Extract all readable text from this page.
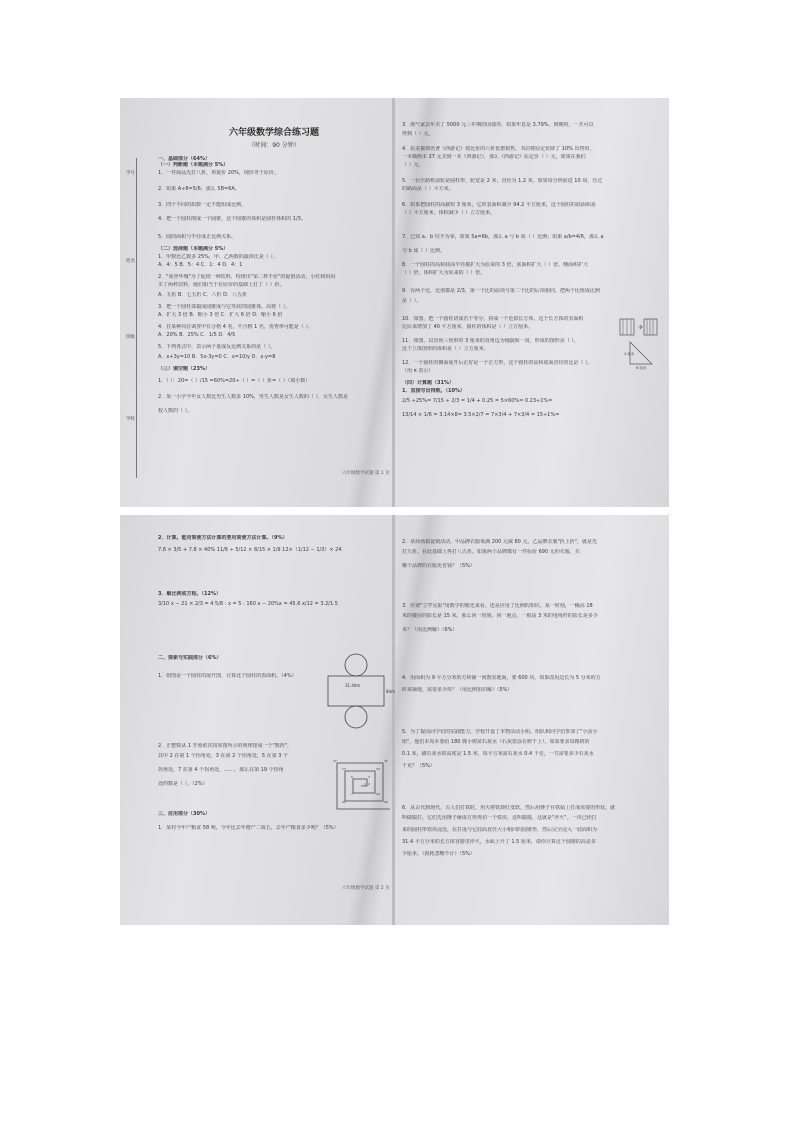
学号
姓名
班级
学校
六年级数学综合练习题
（时间：90 分钟）
一、基础部分（64%）
（一）判断题（本题满分 5%）
1．一件商品先打八折，再提价 20%，现价等于原价。
2．如果 A÷8=5/6，那么 5B=6A。
3．四个不同的质数一定不能组成比例。
4．把一个圆柱削成一个圆锥，这个圆锥的体积是圆柱体积的 1/3。
5．圆的面积与半径成正比例关系。
（二）选择题（本题满分 5%）
1．甲数比乙数多 25%，甲、乙两数的最简比是（ ）。
A．4：5 B．5：4 C．1：4 D．4：1
2．"重誉华城"为了促销一种饮料，特推出"第二杯半价"的促销活动，小红和妈妈
买了两杯饮料，她们相当于在原价的基础上打了（ ）折。
A．五折 B．七五折 C．八折 D．八五折
3．把一个圆柱体锻成圆锥成与它等底的圆锥体，高将（ ）。
A．扩大 3 倍 B．缩小 3 倍 C．扩大 6 倍 D．缩小 6 倍
4．在某种岗位调查中有合格 4 名，不合格 1 名，优秀率可能是（ ）。
A．20% B．25% C．1/5 D．4/5
5．下列各式中，表示两个量成反比例关系的是（ ）。
A．x+3y=10 B．5x-3y=0 C．x=10/y D．x-y=8
（三）填空题（23%）
1．（ ）：20=（ ）/15 =60%=20÷（ ）=（ ）折=（ ）（填小数）
2．某一小学今年女人数比男生人数多 10%，男生人数是女生人数的（ ），女生人数是
校人数的（ ）。
4 厘米
6 厘米
3．淘气家去年买了 5000 元三年期的国债券，如果年息是 3.79%，到期时，一共可以
得到（ ）元。
4．抗美援朝名著《西游记》按比价的六折优惠销售，书店将原定价降了 10% 出售时，
一本插画本 27 元买到一本《西游记》，那么《西游记》原定价（ ）元，如果在我们
（ ）元。
5．一台压路机前轮是圆柱形，轮宽是 2 米，直径为 1.2 米。如果每分钟前进 10 周，压过
的路面是（ ）平方米。
6．如果把圆柱的高截短 3 厘米，它的表面积减少 94.2 平方厘米，这个圆柱的底面积是
（ ）平方厘米，体积减少（ ）立方厘米。
7．已知 a、b 均不为零，如果 5a=6b，那么 a 与 b 成（ ）比例；如果 a/b=4/6，那么 a
与 b 成（ ）比例。
8．一个圆柱的高和底面半径都扩大为原来的 3 倍，底面积扩大（ ）倍，侧面积扩大
（ ）倍，体积扩大为原来的（ ）倍。
9．有两个比，比值都是 2/3，第一个比的前项与第二个比的后项相同，把两个比组成比例
是（ ）。
10．如图，把一个圆柱切成若干等分，拼成一个近似长方体，这个长方体的表面积
比原来增加了 40 平方厘米，圆柱的体积是（ ）立方厘米。
11．如图，以直角三角形的 3 厘米的直角边为轴旋转一周，形成的图形是（ ），
这个立体图形的体积是（ ）立方厘米。
12．一个圆柱的侧面展开后正好是一个正方形，这个圆柱的高和底面直径的比是（ ）。
（用 π 表示）
（四）计算题（31%）
1．直接写出得数。（10%）
2/5 ÷25%= 7/15 ÷ 2/3 = 1/4 + 0.25 = 5×60%= 0.23÷1%=
13/14 × 1/6 = 3.14×8= 3.5×2/7 = 7×3/4 + 7×3/4 = 15÷1%=
六年级数学试题 第 1 页
31.4dm
8dm
1 2
3
5
7	10
13
17
21	26
31
37
2．计算。能用简便方法计算的要用简便方法计算。（9%）
7.8 × 3/5 + 7.8 × 40% 11/6 ÷ 5/12 × 8/15 × 1/9 12×（1/12 − 1/3）× 24
3．解比例或方程。（12%）
3/10 x − 21 × 2/3 = 4 5/8 : x = 5 : 160 x − 20%x = 45.6 x/12 = 3.2/1.5
二、探索与实践部分（6%）
1．如图是一个圆柱的展开图，计算这个圆柱的表面积。（4%）
2．正整数从 1 开始依次按如图所示的规律排成一个"数阵"，
其中 2 在第 1 个拐角处，3 在第 2 个拐角处，5 在第 3 个
拐角处，7 在第 4 个拐角处，……，那么在第 19 个拐角
处的数是（ ）。（2%）
三、应用部分（30%）
1．某村今年产粮食 58 吨，今年比去年增产二成五，去年产粮食多少吨？（5%）
2．某商场搞促销活动，甲品牌衣服每满 200 元减 80 元，乙品牌衣服"折上折"，就是先
打九折，在此基础上再打八五折。如果两个品牌都有一件标价 690 元的衣服，买
哪个品牌的衣服更省钱？（5%）
3．应诸"立竿见影"用数学的眼光来看，还是应用了比例的知识。某一时刻，一幢高 18
米的楼房的影长是 15 米。那么同一时刻、同一地点，一根高 3 米的电线杆的影长是多少
米？（用比例解）（6%）
4．用面积为 9 平方分米的方砖铺一间教室地面，要 600 块。如果改用边长为 5 分米的方
砖来铺地，需要多少块？（用比例知识解）（5%）
5．为了提高同学们的实践能力，学校开设了本物活动小组。组队和同学们参加了"小活小
组"，他们本周本要给 180 棵小树苗石灰水（石灰浆涂在树干上）。如果要求每棵树的
0.1 米，刷石灰水的高度是 1.5 米，每平方米需石灰水 0.4 千克，一共需要多少石灰水
千克？（5%）
6．从古代到现代，古人们打铁时，用火将铁烧红变软，然后用锤子在铁砧上打成需要的形状，就
叫做锻打。它们先用锤子砸成方形再切一个铁块，这叫锻接，这就是"淬火"。一块已经打
来的圆柱形铁块浸没，在打成与它底面直径大小相同的圆锥形，然后完全浸入一底面积为
31.4 平方分米的长方体容器里淬火，水面上升了 1.5 厘米，请你计算这个圆锥的高是多
少厘米。（损耗忽略不计）（5%）
六年级数学试题 第 2 页
